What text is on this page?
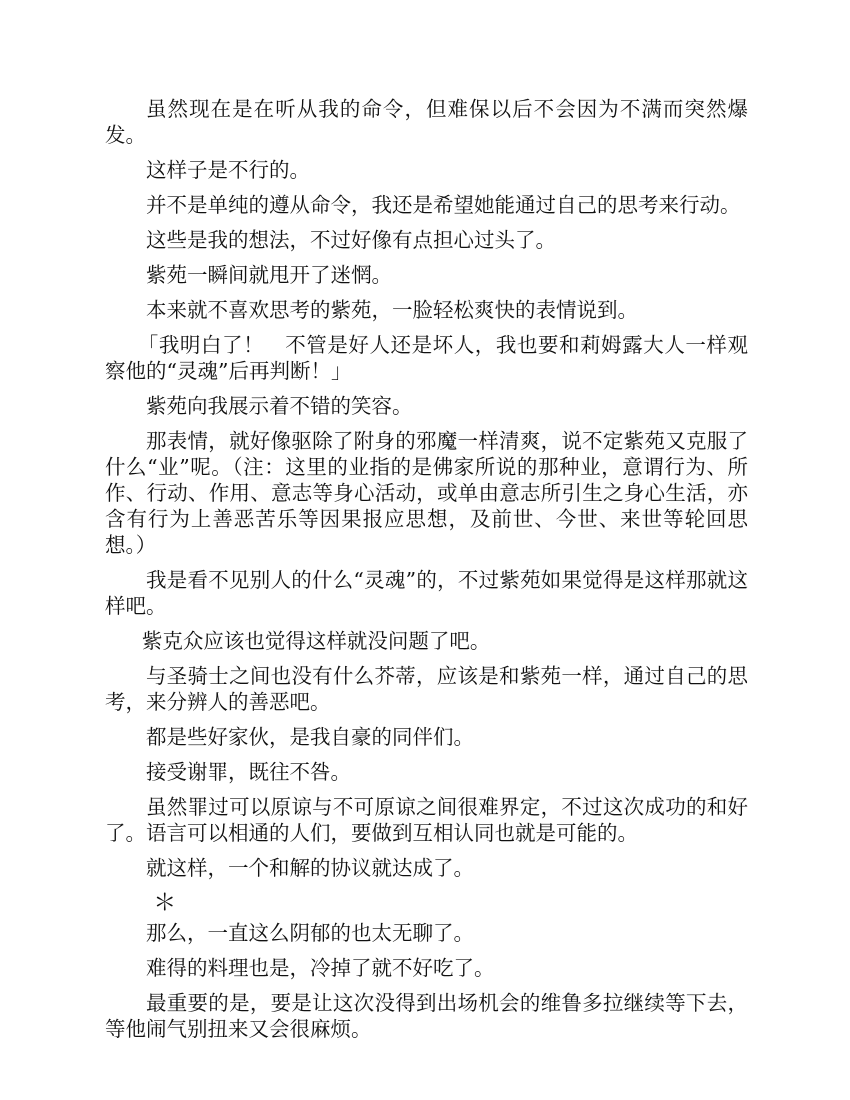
虽然现在是在听从我的命令，但难保以后不会因为不满而突然爆发。

这样子是不行的。

并不是单纯的遵从命令，我还是希望她能通过自己的思考来行动。

这些是我的想法，不过好像有点担心过头了。

紫苑一瞬间就甩开了迷惘。

本来就不喜欢思考的紫苑，一脸轻松爽快的表情说到。

「我明白了！　不管是好人还是坏人，我也要和莉姆露大人一样观察他的“灵魂”后再判断！」

紫苑向我展示着不错的笑容。

那表情，就好像驱除了附身的邪魔一样清爽，说不定紫苑又克服了什么“业”呢。（注：这里的业指的是佛家所说的那种业，意谓行为、所作、行动、作用、意志等身心活动，或单由意志所引生之身心生活，亦含有行为上善恶苦乐等因果报应思想，及前世、今世、来世等轮回思想。）

我是看不见别人的什么“灵魂”的，不过紫苑如果觉得是这样那就这样吧。

紫克众应该也觉得这样就没问题了吧。

与圣骑士之间也没有什么芥蒂，应该是和紫苑一样，通过自己的思考，来分辨人的善恶吧。

都是些好家伙，是我自豪的同伴们。

接受谢罪，既往不咎。

虽然罪过可以原谅与不可原谅之间很难界定，不过这次成功的和好了。语言可以相通的人们，要做到互相认同也就是可能的。

就这样，一个和解的协议就达成了。

＊

那么，一直这么阴郁的也太无聊了。

难得的料理也是，冷掉了就不好吃了。

最重要的是，要是让这次没得到出场机会的维鲁多拉继续等下去，等他闹气别扭来又会很麻烦。
